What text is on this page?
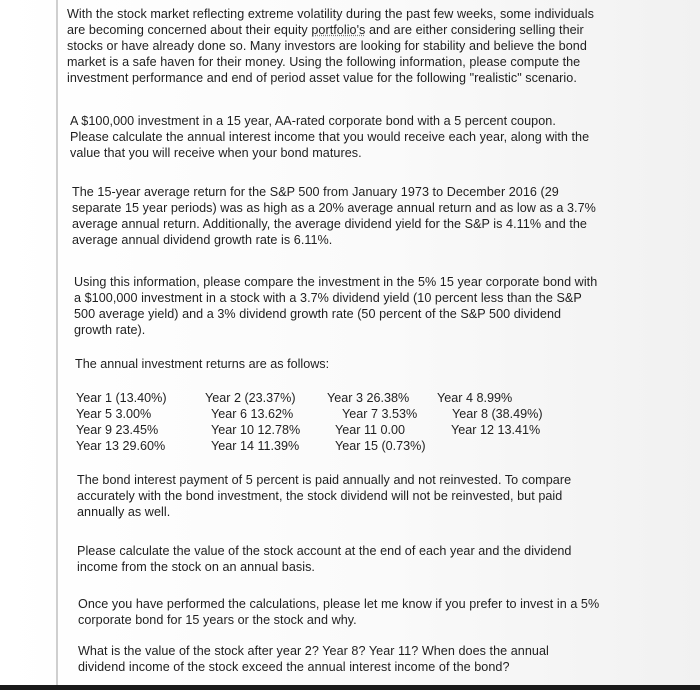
With the stock market reflecting extreme volatility during the past few weeks, some individuals
are becoming concerned about their equity portfolio's and are either considering selling their
stocks or have already done so. Many investors are looking for stability and believe the bond
market is a safe haven for their money. Using the following information, please compute the
investment performance and end of period asset value for the following "realistic" scenario.

A $100,000 investment in a 15 year, AA-rated corporate bond with a 5 percent coupon.
Please calculate the annual interest income that you would receive each year, along with the
value that you will receive when your bond matures.

The 15-year average return for the S&P 500 from January 1973 to December 2016 (29
separate 15 year periods) was as high as a 20% average annual return and as low as a 3.7%
average annual return. Additionally, the average dividend yield for the S&P is 4.11% and the
average annual dividend growth rate is 6.11%.

Using this information, please compare the investment in the 5% 15 year corporate bond with
a $100,000 investment in a stock with a 3.7% dividend yield (10 percent less than the S&P
500 average yield) and a 3% dividend growth rate (50 percent of the S&P 500 dividend
growth rate).

The annual investment returns are as follows:
Year 1 (13.40%)	Year 2 (23.37%) Year 3 26.38% Year 4 8.99%
Year 5 3.00%	Year 6 13.62%	Year 7 3.53%	Year 8 (38.49%)
Year 9 23.45%	Year 10 12.78%	Year 11 0.00	Year 12 13.41%
Year 13 29.60%	Year 14 11.39%	Year 15 (0.73%)

The bond interest payment of 5 percent is paid annually and not reinvested. To compare
accurately with the bond investment, the stock dividend will not be reinvested, but paid
annually as well.

Please calculate the value of the stock account at the end of each year and the dividend
income from the stock on an annual basis.

Once you have performed the calculations, please let me know if you prefer to invest in a 5%
corporate bond for 15 years or the stock and why.

What is the value of the stock after year 2? Year 8? Year 11? When does the annual
dividend income of the stock exceed the annual interest income of the bond?
